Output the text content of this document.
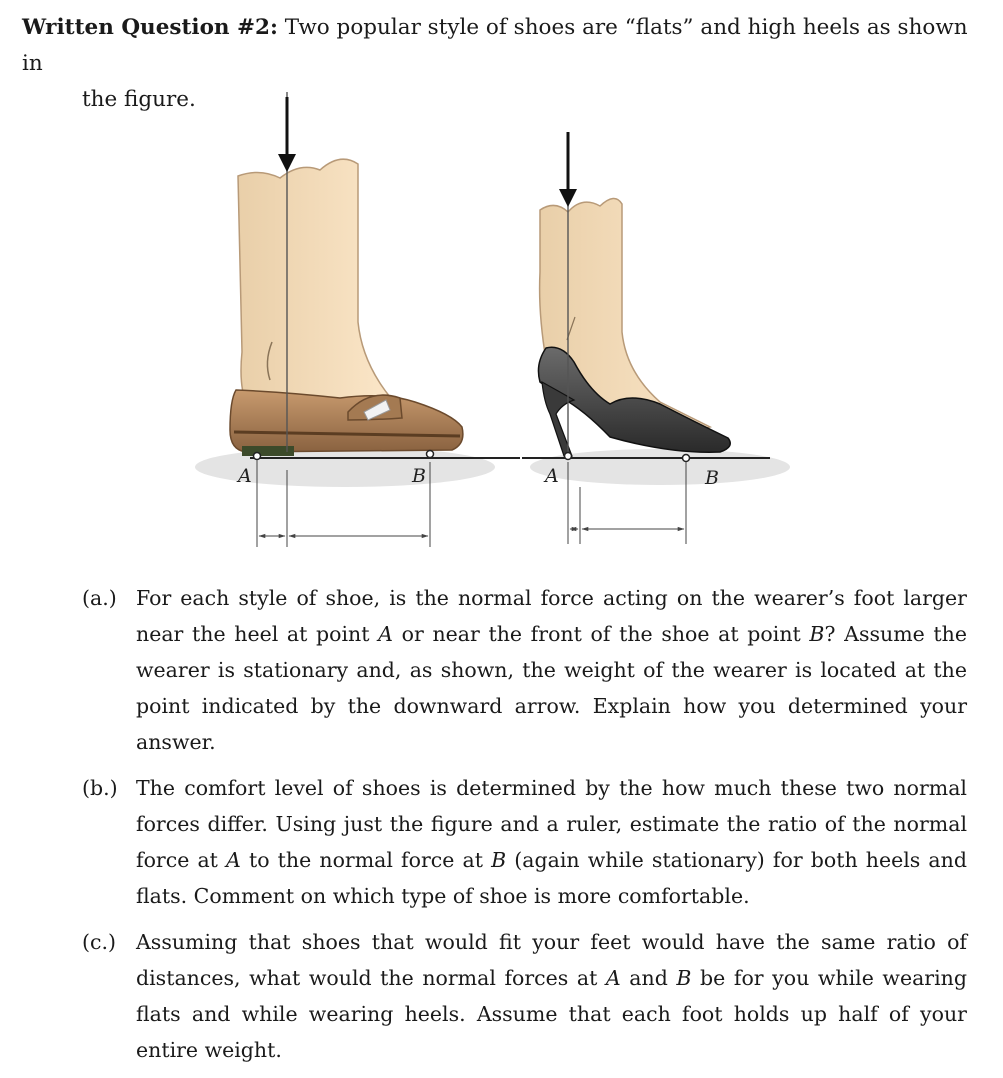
Written Question #2: Two popular style of shoes are “flats” and high heels as shown in
the figure.
A	B	A	B
(a.) For each style of shoe, is the normal force acting on the wearer’s foot larger near the heel at point A or near the front of the shoe at point B? Assume the wearer is stationary and, as shown, the weight of the wearer is located at the point indicated by the downward arrow. Explain how you determined your answer.
(b.) The comfort level of shoes is determined by the how much these two normal forces differ. Using just the figure and a ruler, estimate the ratio of the normal force at A to the normal force at B (again while stationary) for both heels and flats. Comment on which type of shoe is more comfortable.
(c.) Assuming that shoes that would fit your feet would have the same ratio of distances, what would the normal forces at A and B be for you while wearing flats and while wearing heels. Assume that each foot holds up half of your entire weight.
